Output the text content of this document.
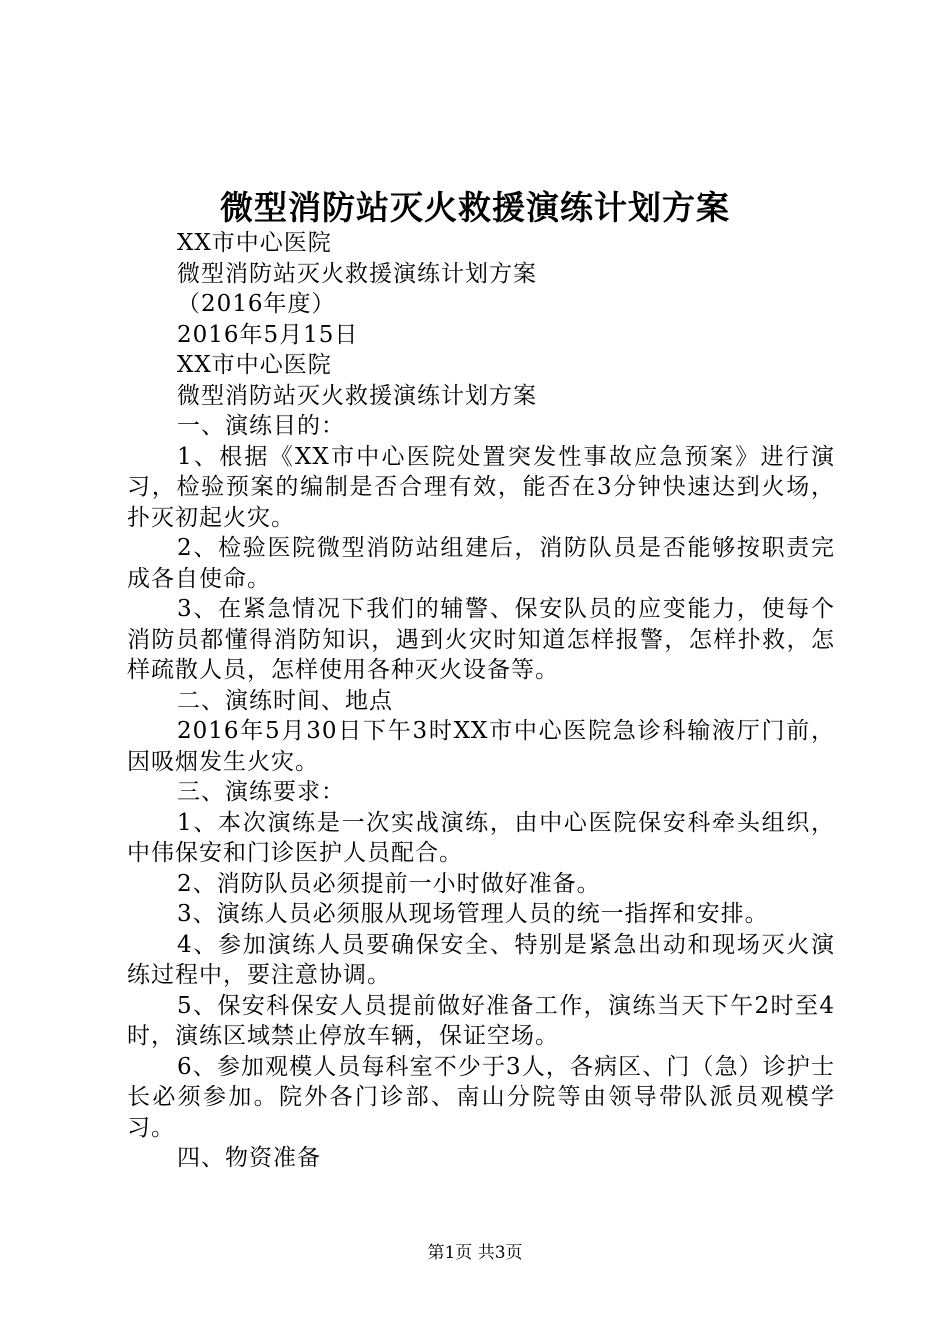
微型消防站灭火救援演练计划方案

XX市中心医院

微型消防站灭火救援演练计划方案

（2016年度）

2016年5月15日

XX市中心医院

微型消防站灭火救援演练计划方案

一、演练目的：

1、根据《XX市中心医院处置突发性事故应急预案》进行演习，检验预案的编制是否合理有效，能否在3分钟快速达到火场，扑灭初起火灾。

2、检验医院微型消防站组建后，消防队员是否能够按职责完成各自使命。

3、在紧急情况下我们的辅警、保安队员的应变能力，使每个消防员都懂得消防知识，遇到火灾时知道怎样报警，怎样扑救，怎样疏散人员，怎样使用各种灭火设备等。

二、演练时间、地点

2016年5月30日下午3时XX市中心医院急诊科输液厅门前，因吸烟发生火灾。

三、演练要求：

1、本次演练是一次实战演练，由中心医院保安科牵头组织，中伟保安和门诊医护人员配合。

2、消防队员必须提前一小时做好准备。

3、演练人员必须服从现场管理人员的统一指挥和安排。

4、参加演练人员要确保安全、特别是紧急出动和现场灭火演练过程中，要注意协调。

5、保安科保安人员提前做好准备工作，演练当天下午2时至4时，演练区域禁止停放车辆，保证空场。

6、参加观模人员每科室不少于3人，各病区、门（急）诊护士长必须参加。院外各门诊部、南山分院等由领导带队派员观模学习。

四、物资准备

第1页 共3页
